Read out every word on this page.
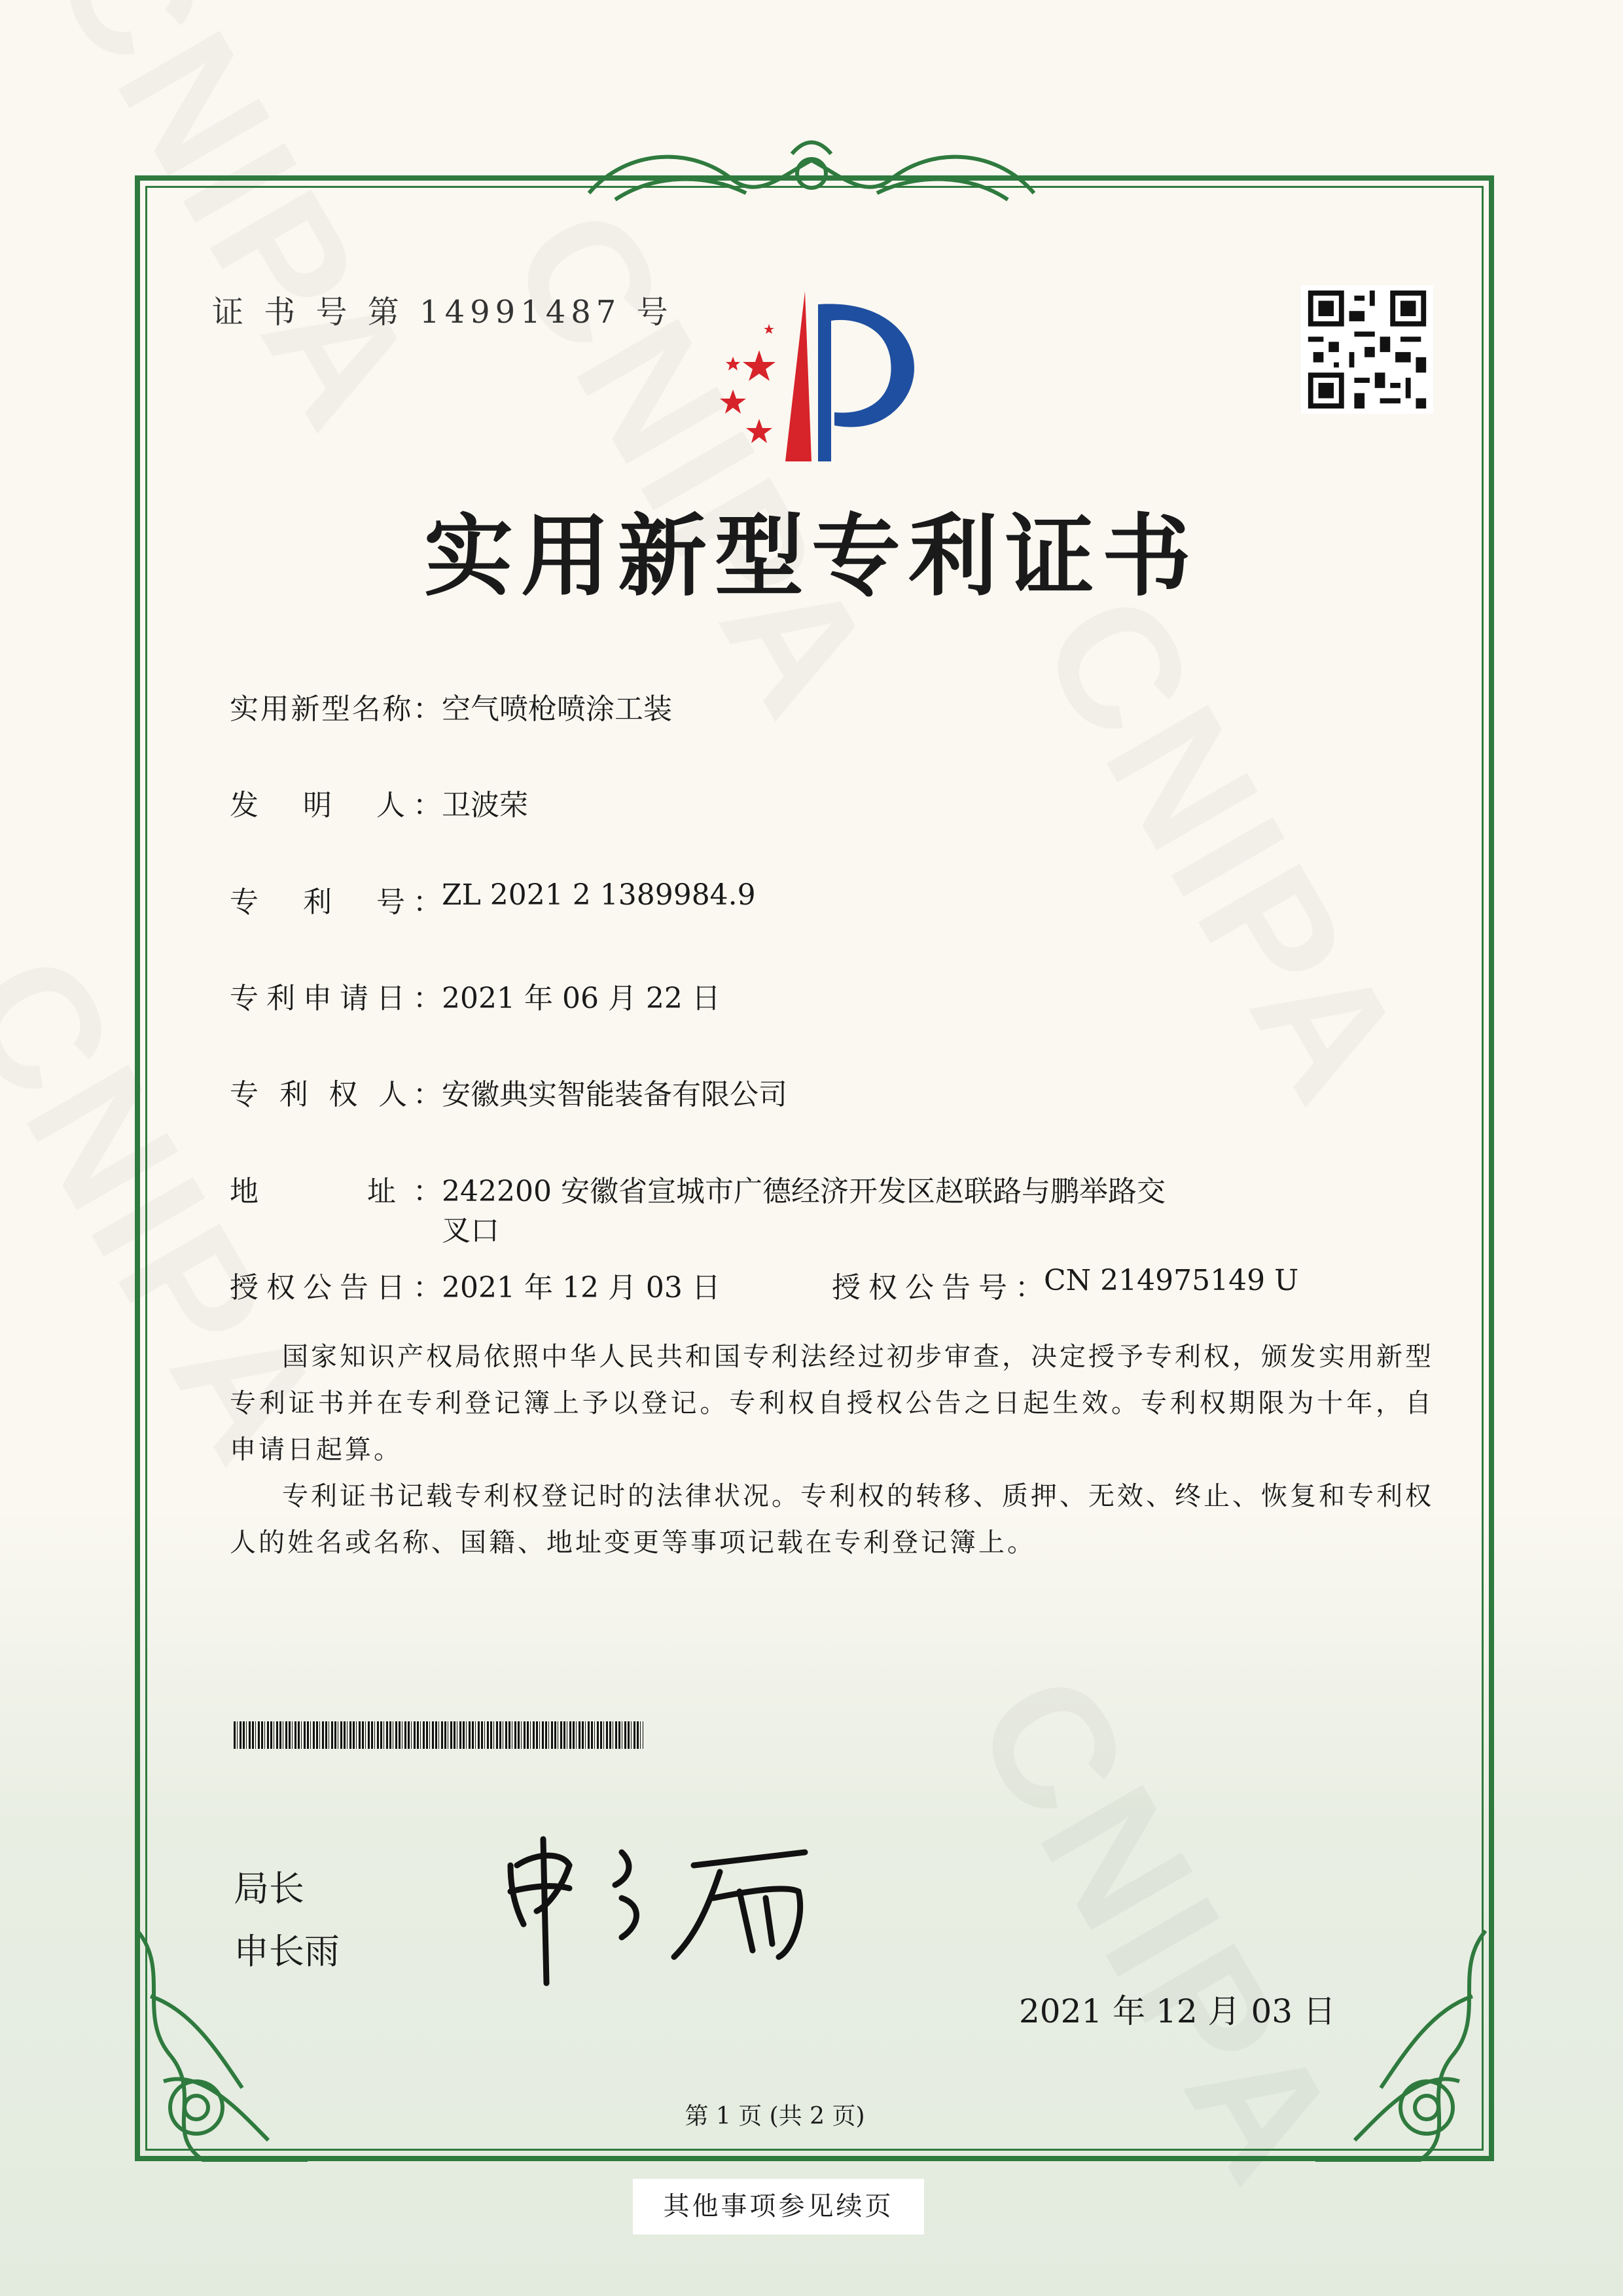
证 书 号 第 14991487 号
实用新型专利证书
实用新型名称： 空气喷枪喷涂工装
发　明　人： 卫波荣
专　利　号： ZL 2021 2 1389984.9
专利申请日： 2021 年 06 月 22 日
专 利 权 人： 安徽典实智能装备有限公司
地　　址： 242200 安徽省宣城市广德经济开发区赵联路与鹏举路交
叉口
授权公告日： 2021 年 12 月 03 日	授权公告号： CN 214975149 U

国家知识产权局依照中华人民共和国专利法经过初步审查，决定授予专利权，颁发实用新型专利证书并在专利登记簿上予以登记。专利权自授权公告之日起生效。专利权期限为十年，自申请日起算。

专利证书记载专利权登记时的法律状况。专利权的转移、质押、无效、终止、恢复和专利权人的姓名或名称、国籍、地址变更等事项记载在专利登记簿上。

局长
申长雨
2021 年 12 月 03 日
第 1 页 (共 2 页)
其他事项参见续页
